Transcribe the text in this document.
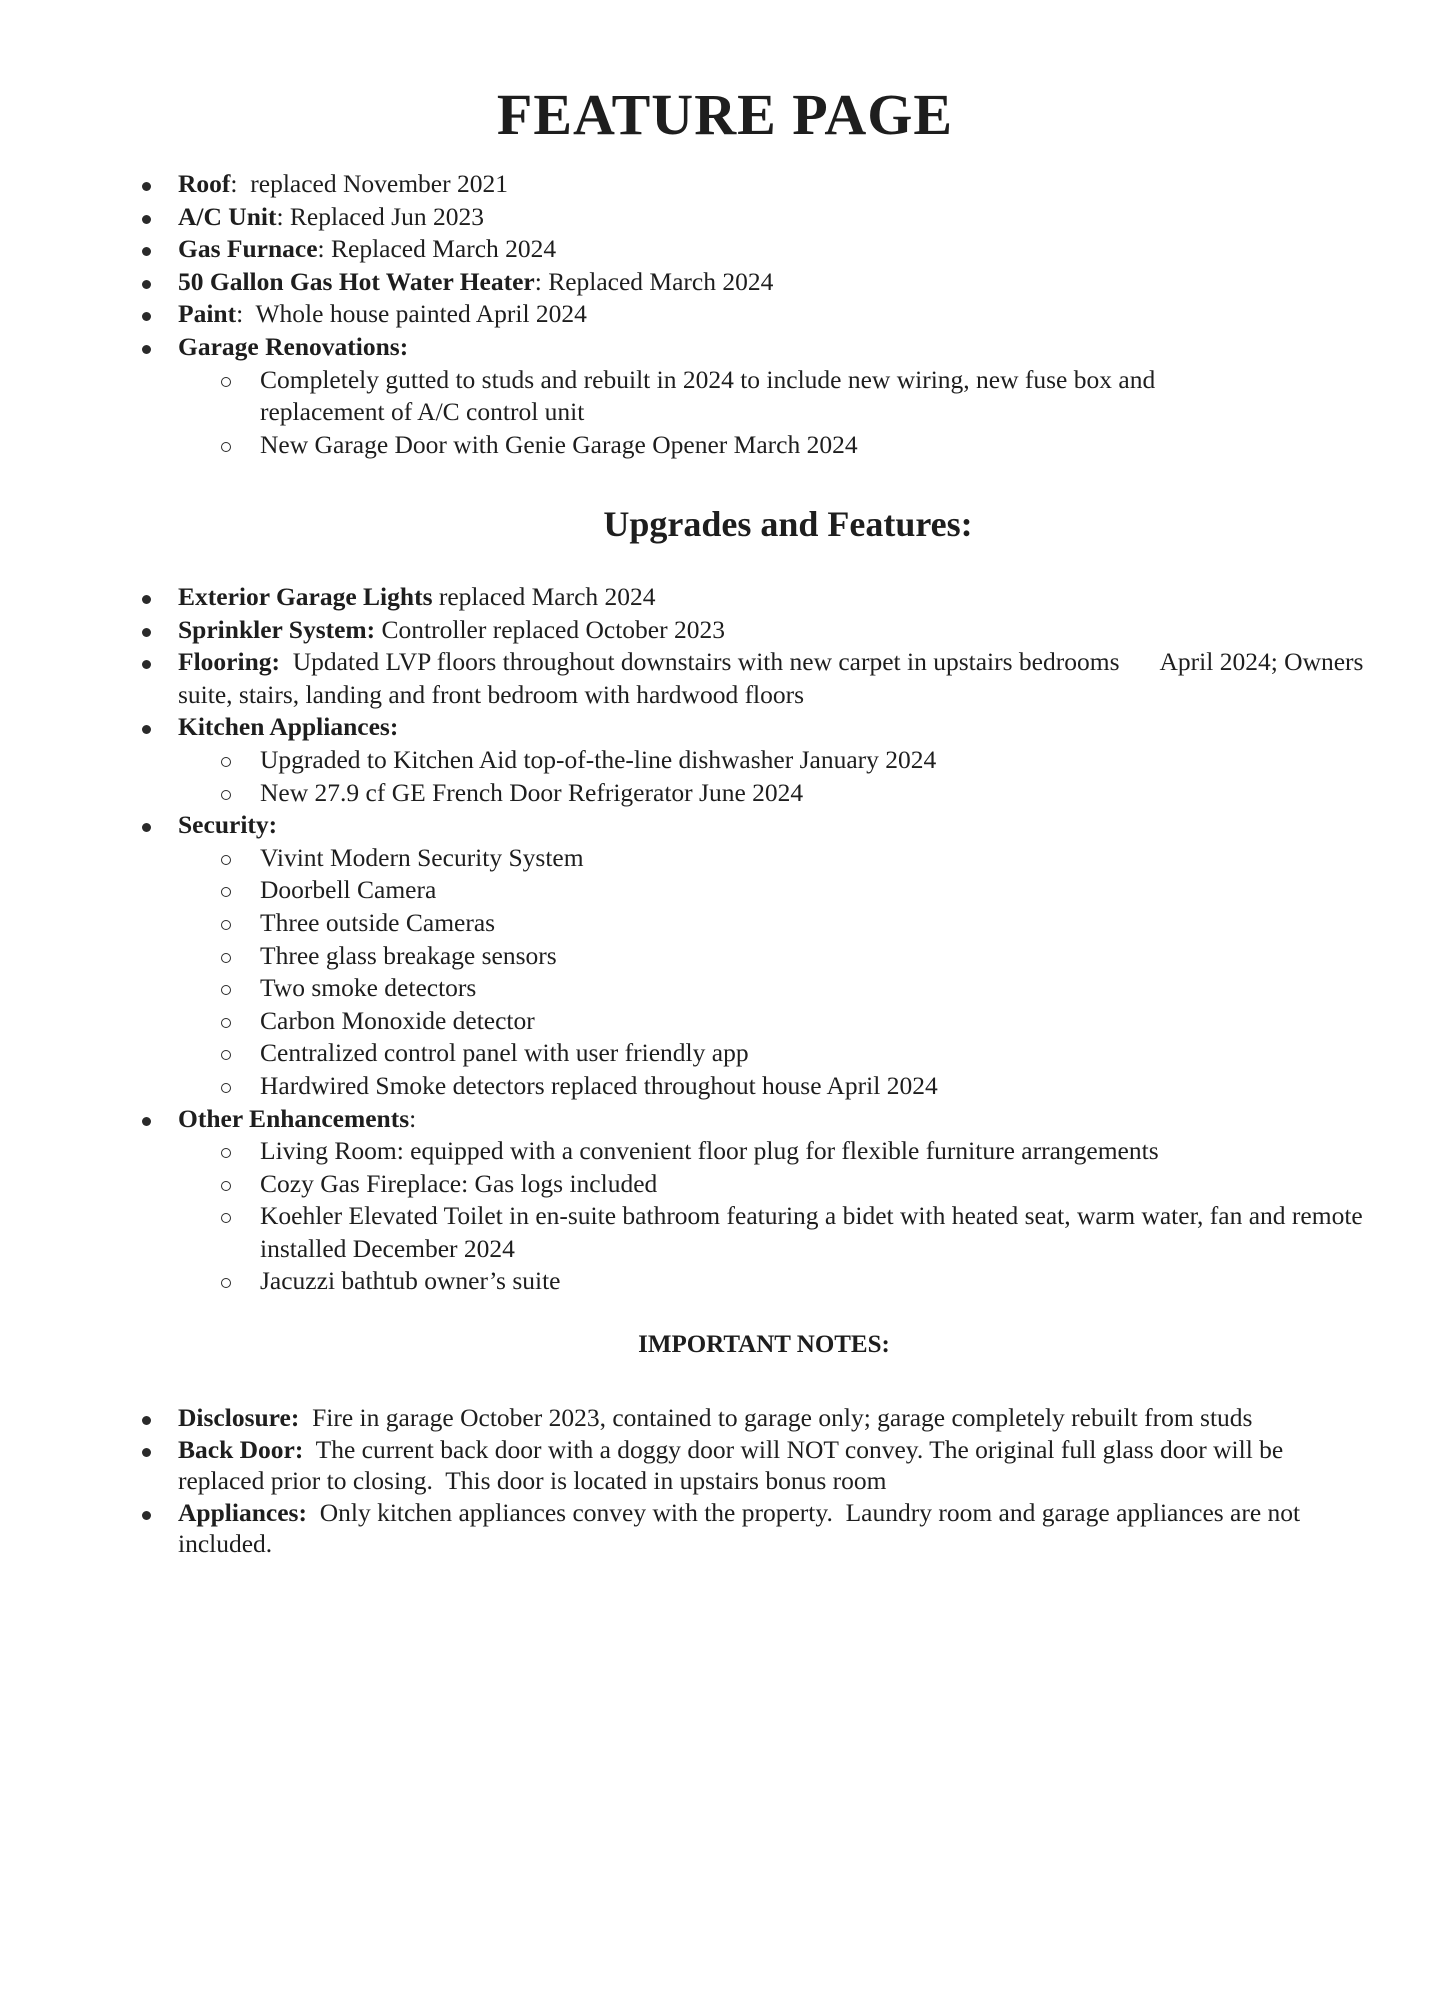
FEATURE PAGE
Roof:  replaced November 2021
A/C Unit: Replaced Jun 2023
Gas Furnace: Replaced March 2024
50 Gallon Gas Hot Water Heater: Replaced March 2024
Paint:  Whole house painted April 2024
Garage Renovations:
Completely gutted to studs and rebuilt in 2024 to include new wiring, new fuse box and replacement of A/C control unit
New Garage Door with Genie Garage Opener March 2024
Upgrades and Features:
Exterior Garage Lights replaced March 2024
Sprinkler System: Controller replaced October 2023
Flooring:  Updated LVP floors throughout downstairs with new carpet in upstairs bedrooms April 2024; Owners suite, stairs, landing and front bedroom with hardwood floors
Kitchen Appliances:
Upgraded to Kitchen Aid top-of-the-line dishwasher January 2024
New 27.9 cf GE French Door Refrigerator June 2024
Security:
Vivint Modern Security System
Doorbell Camera
Three outside Cameras
Three glass breakage sensors
Two smoke detectors
Carbon Monoxide detector
Centralized control panel with user friendly app
Hardwired Smoke detectors replaced throughout house April 2024
Other Enhancements:
Living Room: equipped with a convenient floor plug for flexible furniture arrangements
Cozy Gas Fireplace: Gas logs included
Koehler Elevated Toilet in en-suite bathroom featuring a bidet with heated seat, warm water, fan and remote installed December 2024
Jacuzzi bathtub owner’s suite
IMPORTANT NOTES:
Disclosure:  Fire in garage October 2023, contained to garage only; garage completely rebuilt from studs
Back Door:  The current back door with a doggy door will NOT convey. The original full glass door will be replaced prior to closing.  This door is located in upstairs bonus room
Appliances:  Only kitchen appliances convey with the property.  Laundry room and garage appliances are not included.
